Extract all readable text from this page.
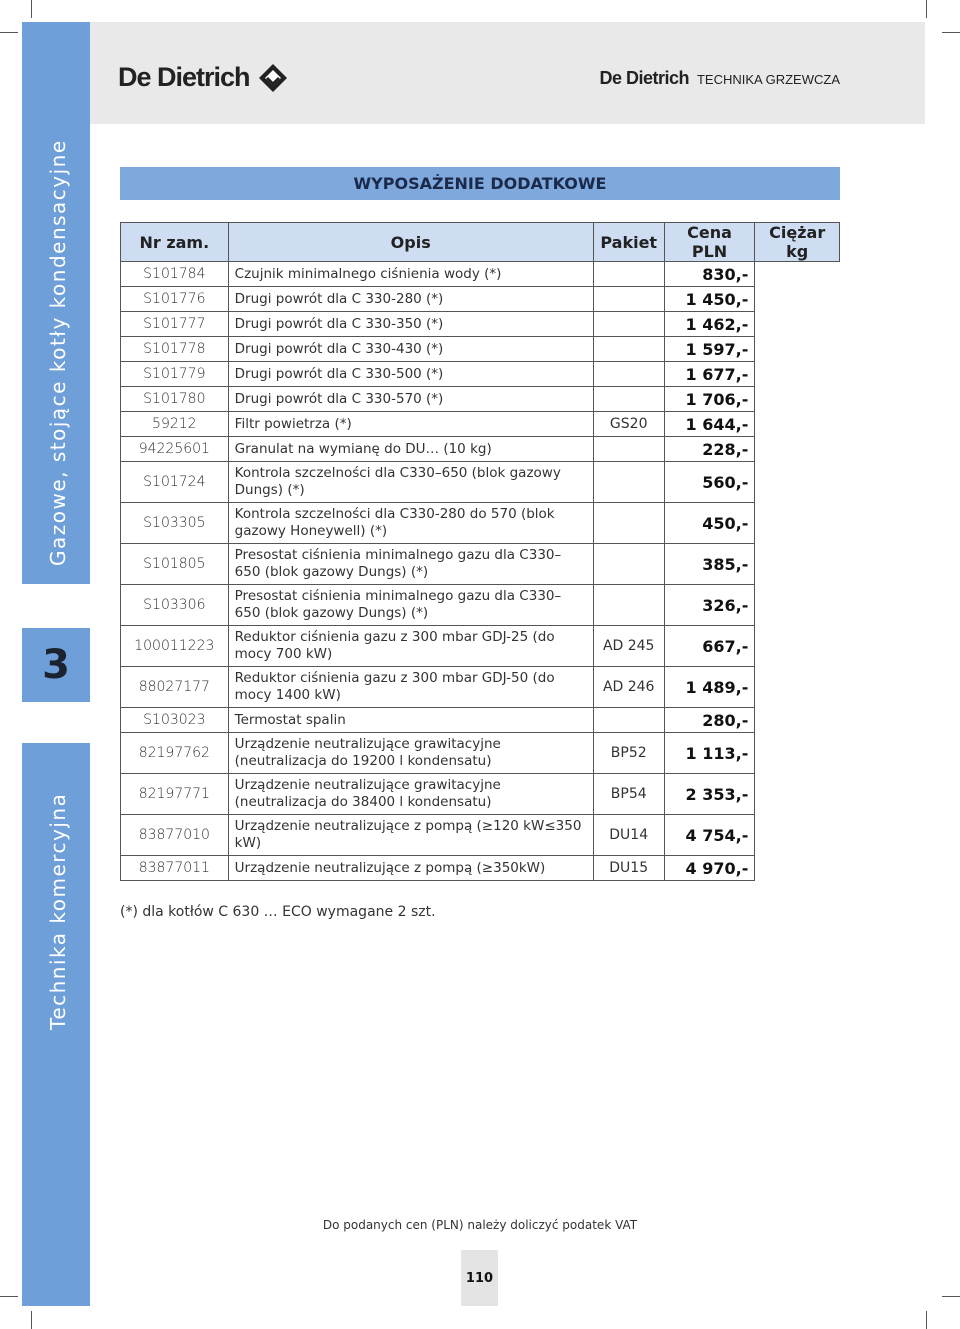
Gazowe, stojące kotły kondensacyjne
3
Technika komercyjna
De Dietrich	De Dietrich TECHNIKA GRZEWCZA
WYPOSAŻENIE DODATKOWE
Nr zam.	Opis	Pakiet	Cena PLN	Ciężar kg
S101784	Czujnik minimalnego ciśnienia wody (*)		830,-	
S101776	Drugi powrót dla C 330-280 (*)		1 450,-	
S101777	Drugi powrót dla C 330-350 (*)		1 462,-	
S101778	Drugi powrót dla C 330-430 (*)		1 597,-	
S101779	Drugi powrót dla C 330-500 (*)		1 677,-	
S101780	Drugi powrót dla C 330-570 (*)		1 706,-	
59212	Filtr powietrza (*)	GS20	1 644,-	
94225601	Granulat na wymianę do DU… (10 kg)		228,-	
S101724	Kontrola szczelności dla C330–650 (blok gazowy Dungs) (*)		560,-	
S103305	Kontrola szczelności dla C330-280 do 570 (blok gazowy Honeywell) (*)		450,-	
S101805	Presostat ciśnienia minimalnego gazu dla C330–650 (blok gazowy Dungs) (*)		385,-	
S103306	Presostat ciśnienia minimalnego gazu dla C330–650 (blok gazowy Dungs) (*)		326,-	
100011223	Reduktor ciśnienia gazu z 300 mbar GDJ-25 (do mocy 700 kW)	AD 245	667,-	
88027177	Reduktor ciśnienia gazu z 300 mbar GDJ-50 (do mocy 1400 kW)	AD 246	1 489,-	
S103023	Termostat spalin		280,-	
82197762	Urządzenie neutralizujące grawitacyjne (neutralizacja do 19200 l kondensatu)	BP52	1 113,-	
82197771	Urządzenie neutralizujące grawitacyjne (neutralizacja do 38400 l kondensatu)	BP54	2 353,-	
83877010	Urządzenie neutralizujące z pompą (≥120 kW≤350 kW)	DU14	4 754,-	
83877011	Urządzenie neutralizujące z pompą (≥350kW)	DU15	4 970,-	
(*) dla kotłów C 630 … ECO wymagane 2 szt.
Do podanych cen (PLN) należy doliczyć podatek VAT
110
